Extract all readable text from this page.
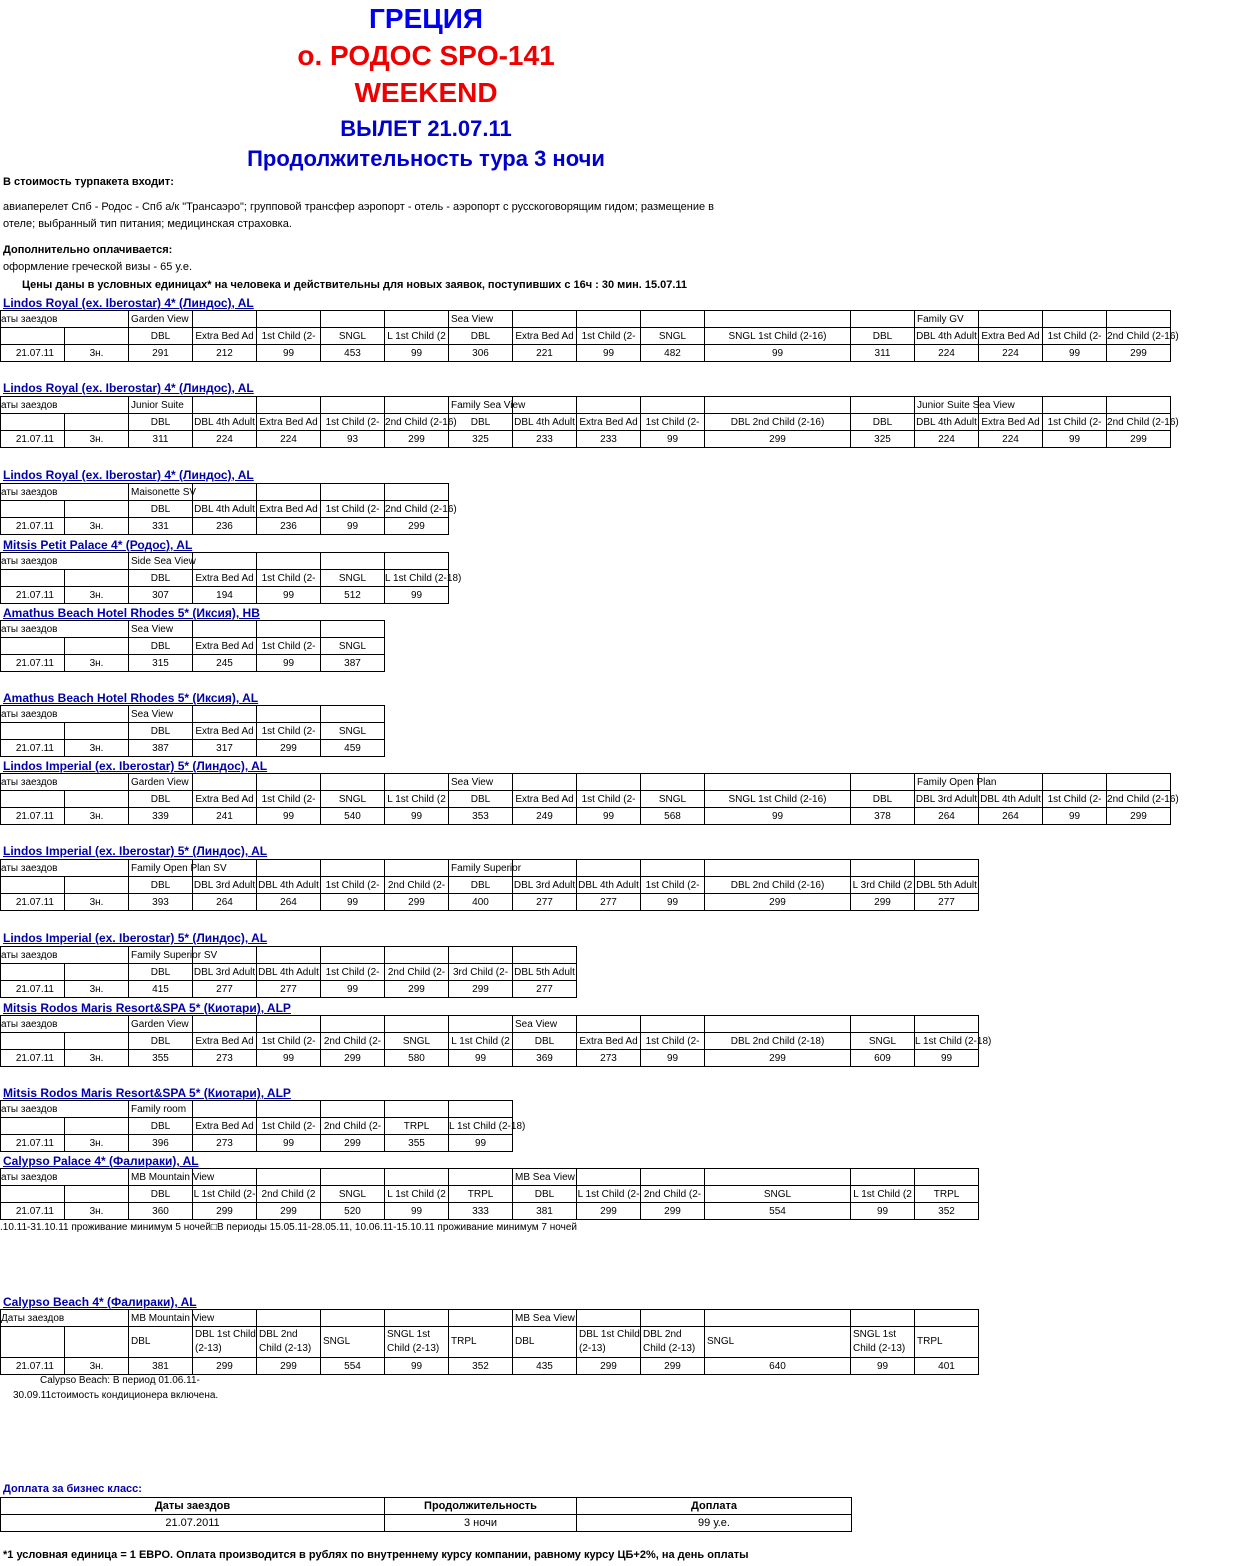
ГРЕЦИЯ
о. РОДОС SPO-141
WEEKEND
ВЫЛЕТ 21.07.11
Продолжительность тура 3 ночи
В стоимость турпакета входит:
авиаперелет Спб - Родос - Спб а/к "Трансаэро"; групповой трансфер аэропорт - отель - аэропорт с русскоговорящим гидом; размещение в
отеле; выбранный тип питания; медицинская страховка.
Дополнительно оплачивается:
оформление греческой визы - 65 у.е.
Цены даны в условных единицах* на человека и действительны для новых заявок, поступивших с 16ч : 30 мин. 15.07.11
Lindos Royal (ex. Iberostar) 4* (Линдос), AL
Lindos Royal (ex. Iberostar) 4* (Линдос), AL
Lindos Royal (ex. Iberostar) 4* (Линдос), AL
Mitsis Petit Palace 4* (Родос), AL
Amathus Beach Hotel Rhodes 5* (Иксия), HB
Amathus Beach Hotel Rhodes 5* (Иксия), AL
Lindos Imperial (ex. Iberostar) 5* (Линдос), AL
Lindos Imperial (ex. Iberostar) 5* (Линдос), AL
Lindos Imperial (ex. Iberostar) 5* (Линдос), AL
Mitsis Rodos Maris Resort&SPA 5* (Киотари), ALP
Mitsis Rodos Maris Resort&SPA 5* (Киотари), ALP
Calypso Palace 4* (Фалираки), AL
Calypso Beach 4* (Фалираки), AL
аты заездов		Garden View					Sea View						Family GV			
		DBL	Extra Bed Ad	1st Child (2-	SNGL	L 1st Child (2	DBL	Extra Bed Ad	1st Child (2-	SNGL	SNGL 1st Child (2-16)	DBL	DBL 4th Adult	Extra Bed Ad	1st Child (2-	2nd Child (2-16)
21.07.11	3н.	291	212	99	453	99	306	221	99	482	99	311	224	224	99	299
аты заездов		Junior Suite					Family Sea View						Junior Suite Sea View			
		DBL	DBL 4th Adult	Extra Bed Ad	1st Child (2-	2nd Child (2-16)	DBL	DBL 4th Adult	Extra Bed Ad	1st Child (2-	DBL 2nd Child (2-16)	DBL	DBL 4th Adult	Extra Bed Ad	1st Child (2-	2nd Child (2-16)
21.07.11	3н.	311	224	224	93	299	325	233	233	99	299	325	224	224	99	299
аты заездов		Maisonette SV				
		DBL	DBL 4th Adult	Extra Bed Ad	1st Child (2-	2nd Child (2-16)
21.07.11	3н.	331	236	236	99	299
аты заездов		Side Sea View				
		DBL	Extra Bed Ad	1st Child (2-	SNGL	L 1st Child (2-18)
21.07.11	3н.	307	194	99	512	99
аты заездов		Sea View			
		DBL	Extra Bed Ad	1st Child (2-	SNGL
21.07.11	3н.	315	245	99	387
аты заездов		Sea View			
		DBL	Extra Bed Ad	1st Child (2-	SNGL
21.07.11	3н.	387	317	299	459
аты заездов		Garden View					Sea View						Family Open Plan			
		DBL	Extra Bed Ad	1st Child (2-	SNGL	L 1st Child (2	DBL	Extra Bed Ad	1st Child (2-	SNGL	SNGL 1st Child (2-16)	DBL	DBL 3rd Adult	DBL 4th Adult	1st Child (2-	2nd Child (2-16)
21.07.11	3н.	339	241	99	540	99	353	249	99	568	99	378	264	264	99	299
аты заездов		Family Open Plan SV					Family Superior						
		DBL	DBL 3rd Adult	DBL 4th Adult	1st Child (2-	2nd Child (2-	DBL	DBL 3rd Adult	DBL 4th Adult	1st Child (2-	DBL 2nd Child (2-16)	L 3rd Child (2	DBL 5th Adult
21.07.11	3н.	393	264	264	99	299	400	277	277	99	299	299	277
аты заездов		Family Superior SV						
		DBL	DBL 3rd Adult	DBL 4th Adult	1st Child (2-	2nd Child (2-	3rd Child (2-	DBL 5th Adult
21.07.11	3н.	415	277	277	99	299	299	277
аты заездов		Garden View						Sea View					
		DBL	Extra Bed Ad	1st Child (2-	2nd Child (2-	SNGL	L 1st Child (2	DBL	Extra Bed Ad	1st Child (2-	DBL 2nd Child (2-18)	SNGL	L 1st Child (2-18)
21.07.11	3н.	355	273	99	299	580	99	369	273	99	299	609	99
аты заездов		Family room					
		DBL	Extra Bed Ad	1st Child (2-	2nd Child (2-	TRPL	L 1st Child (2-18)
21.07.11	3н.	396	273	99	299	355	99
аты заездов		MB Mountain View						MB Sea View					
		DBL	L 1st Child (2-	2nd Child (2	SNGL	L 1st Child (2	TRPL	DBL	L 1st Child (2-	2nd Child (2-	SNGL	L 1st Child (2	TRPL
21.07.11	3н.	360	299	299	520	99	333	381	299	299	554	99	352
Даты заездов		MB Mountain View						MB Sea View					
		DBL	DBL 1st Child (2-13)	DBL 2nd Child (2-13)	SNGL	SNGL 1st Child (2-13)	TRPL	DBL	DBL 1st Child (2-13)	DBL 2nd Child (2-13)	SNGL	SNGL 1st Child (2-13)	TRPL
21.07.11	3н.	381	299	299	554	99	352	435	299	299	640	99	401
.10.11-31.10.11 проживание минимум 5 ночей□В периоды 15.05.11-28.05.11, 10.06.11-15.10.11 проживание минимум 7 ночей
Calypso Beach: В период 01.06.11-
30.09.11стоимость кондиционера включена.
Доплата за бизнес класс:
Даты заездов	Продолжительность	Доплата
21.07.2011	3 ночи	99 у.е.
*1 условная единица = 1 ЕВРО. Оплата производится в рублях по внутреннему курсу компании, равному курсу ЦБ+2%, на день оплаты
